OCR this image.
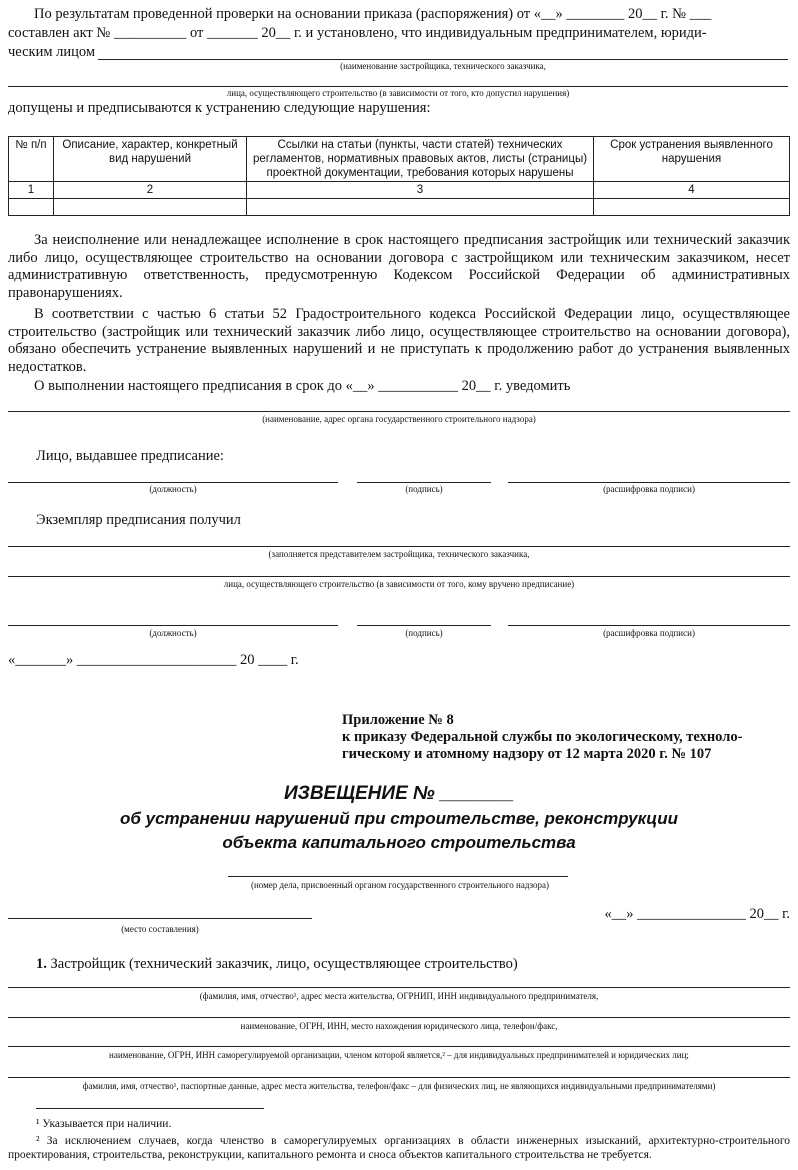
По результатам проведенной проверки на основании приказа (распоряжения) от «__» ________ 20__ г. № ___
составлен акт № __________ от _______ 20__ г. и установлено, что индивидуальным предпринимателем, юриди-
ческим лицом
(наименование застройщика, технического заказчика,
лица, осуществляющего строительство (в зависимости от того, кто допустил нарушения)
допущены и предписываются к устранению следующие нарушения:
№ п/п	Описание, характер, конкретный вид нарушений	Ссылки на статьи (пункты, части статей) технических регламентов, нормативных правовых актов, листы (страницы) проектной документации, требования которых нарушены	Срок устранения выявленного нарушения
1	2	3	4

За неисполнение или ненадлежащее исполнение в срок настоящего предписания застройщик или технический заказчик либо лицо, осуществляющее строительство на основании договора с застройщиком или техническим заказчиком, несет административную ответственность, предусмотренную Кодексом Российской Федерации об административных правонарушениях.
В соответствии с частью 6 статьи 52 Градостроительного кодекса Российской Федерации лицо, осуществляющее строительство (застройщик или технический заказчик либо лицо, осуществляющее строительство на основании договора), обязано обеспечить устранение выявленных нарушений и не приступать к продолжению работ до устранения выявленных недостатков.
О выполнении настоящего предписания в срок до «__» ___________ 20__ г. уведомить
(наименование, адрес органа государственного строительного надзора)
Лицо, выдавшее предписание:
(должность)	(подпись)	(расшифровка подписи)
Экземпляр предписания получил
(заполняется представителем застройщика, технического заказчика,
лица, осуществляющего строительство (в зависимости от того, кому вручено предписание)
(должность)	(подпись)	(расшифровка подписи)
«_______» ______________________ 20 ____ г.
Приложение № 8
к приказу Федеральной службы по экологическому, техноло-
гическому и атомному надзору от 12 марта 2020 г. № 107
ИЗВЕЩЕНИЕ № _______
об устранении нарушений при строительстве, реконструкции
объекта капитального строительства
(номер дела, присвоенный органом государственного строительного надзора)
(место составления)
«__» _______________ 20__ г.
1. Застройщик (технический заказчик, лицо, осуществляющее строительство)
(фамилия, имя, отчество¹, адрес места жительства, ОГРНИП, ИНН индивидуального предпринимателя,
наименование, ОГРН, ИНН, место нахождения юридического лица, телефон/факс,
наименование, ОГРН, ИНН саморегулируемой организации, членом которой является,² – для индивидуальных предпринимателей и юридических лиц;
фамилия, имя, отчество¹, паспортные данные, адрес места жительства, телефон/факс – для физических лиц, не являющихся индивидуальными предпринимателями)
¹ Указывается при наличии.
² За исключением случаев, когда членство в саморегулируемых организациях в области инженерных изысканий, архитектурно-строительного проектирования, строительства, реконструкции, капитального ремонта и сноса объектов капитального строительства не требуется.
